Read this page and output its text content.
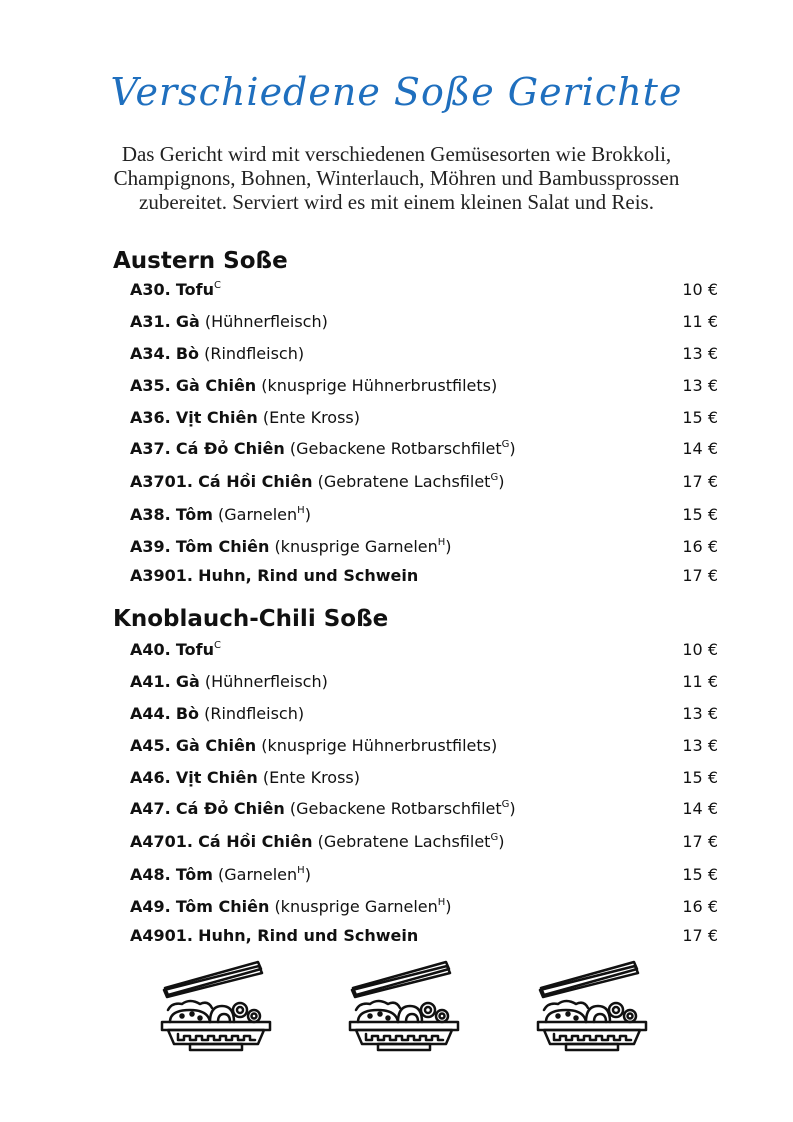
Verschiedene Soße Gerichte
Das Gericht wird mit verschiedenen Gemüsesorten wie Brokkoli, Champignons, Bohnen, Winterlauch, Möhren und Bambussprossen zubereitet. Serviert wird es mit einem kleinen Salat und Reis.
Austern Soße
A30. Tofu$^C$	10 €
A31. Gà (Hühnerfleisch)	11 €
A34. Bò (Rindfleisch)	13 €
A35. Gà Chiên (knusprige Hühnerbrustfilets)	13 €
A36. Vịt Chiên (Ente Kross)	15 €
A37. Cá Đỏ Chiên (Gebackene Rotbarschfilet$^G$)	14 €
A3701. Cá Hồi Chiên (Gebratene Lachsfilet$^G$)	17 €
A38. Tôm (Garnelen$^H$)	15 €
A39. Tôm Chiên (knusprige Garnelen$^H$)	16 €
A3901. Huhn, Rind und Schwein	17 €
Knoblauch-Chili Soße
A40. Tofu$^C$	10 €
A41. Gà (Hühnerfleisch)	11 €
A44. Bò (Rindfleisch)	13 €
A45. Gà Chiên (knusprige Hühnerbrustfilets)	13 €
A46. Vịt Chiên (Ente Kross)	15 €
A47. Cá Đỏ Chiên (Gebackene Rotbarschfilet$^G$)	14 €
A4701. Cá Hồi Chiên (Gebratene Lachsfilet$^G$)	17 €
A48. Tôm (Garnelen$^H$)	15 €
A49. Tôm Chiên (knusprige Garnelen$^H$)	16 €
A4901. Huhn, Rind und Schwein	17 €
